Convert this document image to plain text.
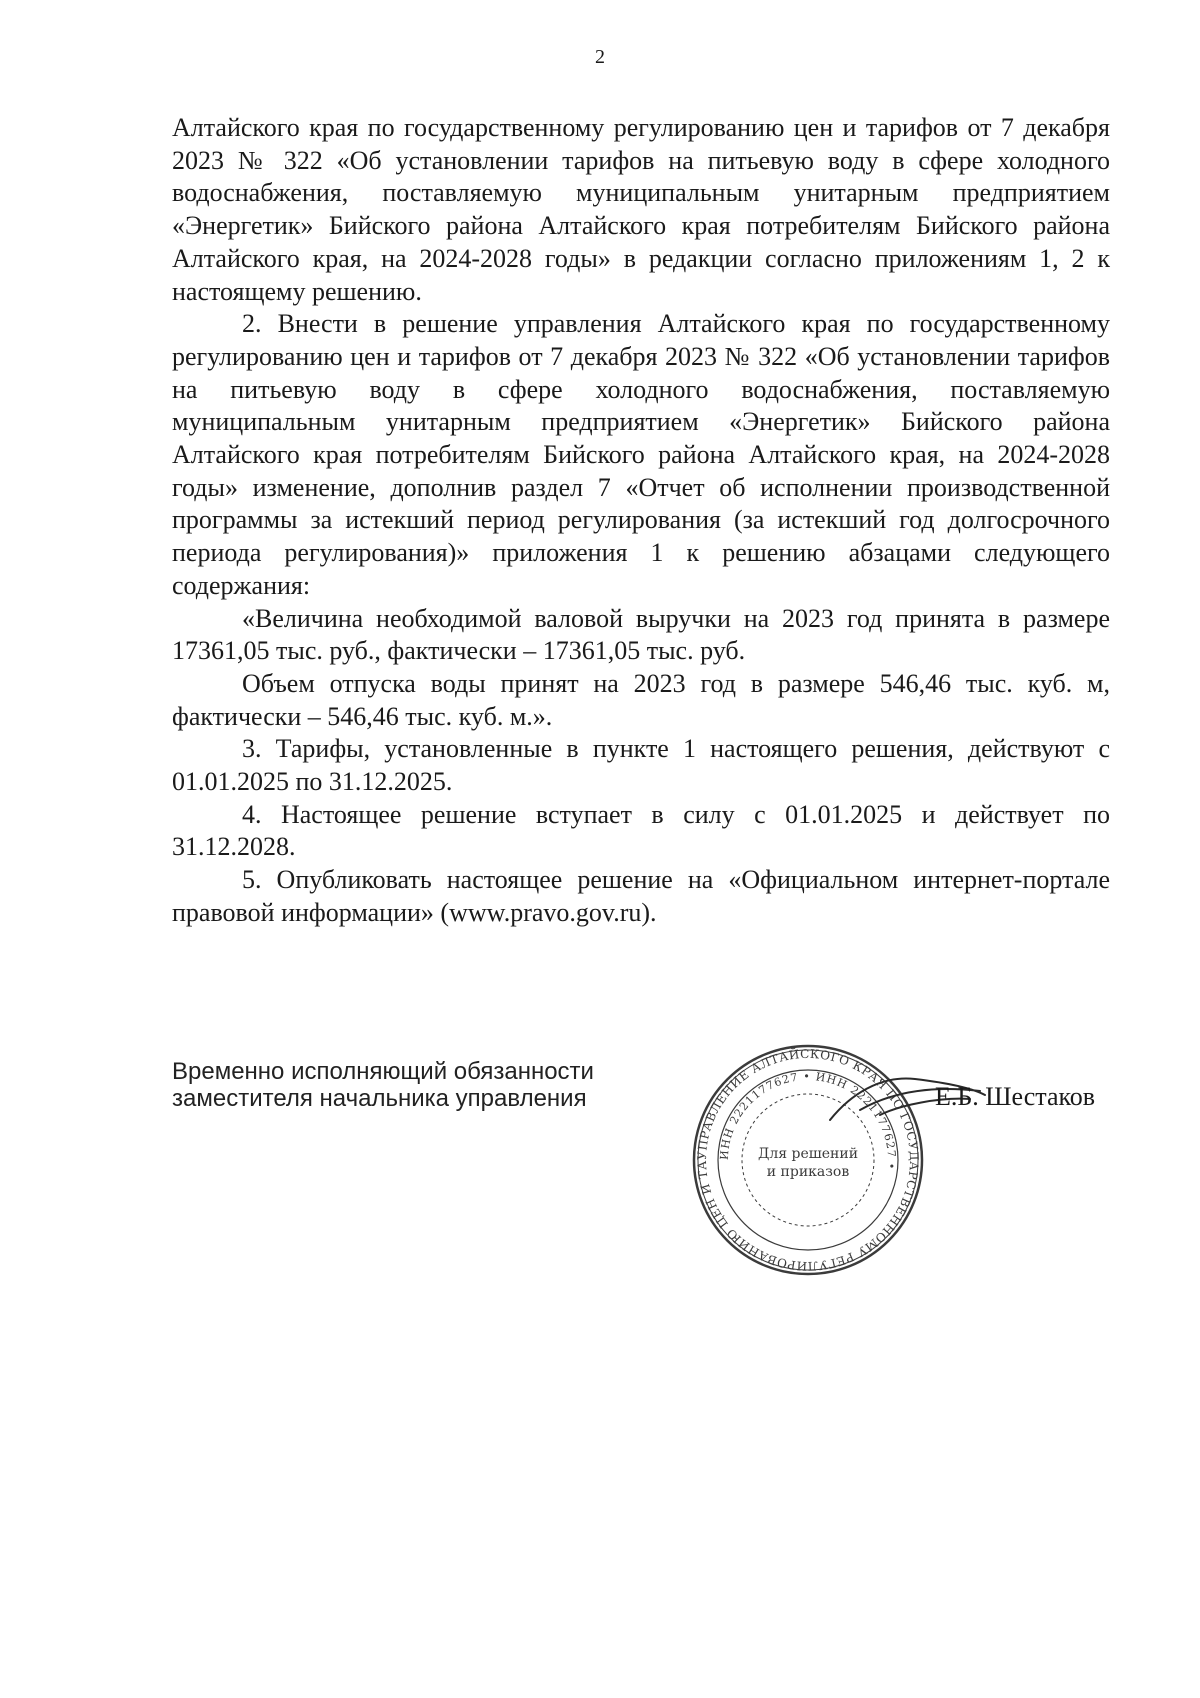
2

Алтайского края по государственному регулированию цен и тарифов от 7 декабря 2023 № 322 «Об установлении тарифов на питьевую воду в сфере холодного водоснабжения, поставляемую муниципальным унитарным предприятием «Энергетик» Бийского района Алтайского края потребителям Бийского района Алтайского края, на 2024-2028 годы» в редакции согласно приложениям 1, 2 к настоящему решению.

2. Внести в решение управления Алтайского края по государственному регулированию цен и тарифов от 7 декабря 2023 № 322 «Об установлении тарифов на питьевую воду в сфере холодного водоснабжения, поставляемую муниципальным унитарным предприятием «Энергетик» Бийского района Алтайского края потребителям Бийского района Алтайского края, на 2024-2028 годы» изменение, дополнив раздел 7 «Отчет об исполнении производственной программы за истекший период регулирования (за истекший год долгосрочного периода регулирования)» приложения 1 к решению абзацами следующего содержания:

«Величина необходимой валовой выручки на 2023 год принята в размере 17361,05 тыс. руб., фактически – 17361,05 тыс. руб.

Объем отпуска воды принят на 2023 год в размере 546,46 тыс. куб. м, фактически – 546,46 тыс. куб. м.».

3. Тарифы, установленные в пункте 1 настоящего решения, действуют с 01.01.2025 по 31.12.2025.

4. Настоящее решение вступает в силу с 01.01.2025 и действует по 31.12.2028.

5. Опубликовать настоящее решение на «Официальном интернет-портале правовой информации» (www.pravo.gov.ru).

Временно исполняющий обязанности
заместителя начальника управления
УПРАВЛЕНИЕ АЛТАЙСКОГО КРАЯ ПО ГОСУДАРСТВЕННОМУ РЕГУЛИРОВАНИЮ ЦЕН И ТА
ИНН 2221177627 • ИНН 2221177627 •
Для решений
и приказов
Е.Б. Шестаков
